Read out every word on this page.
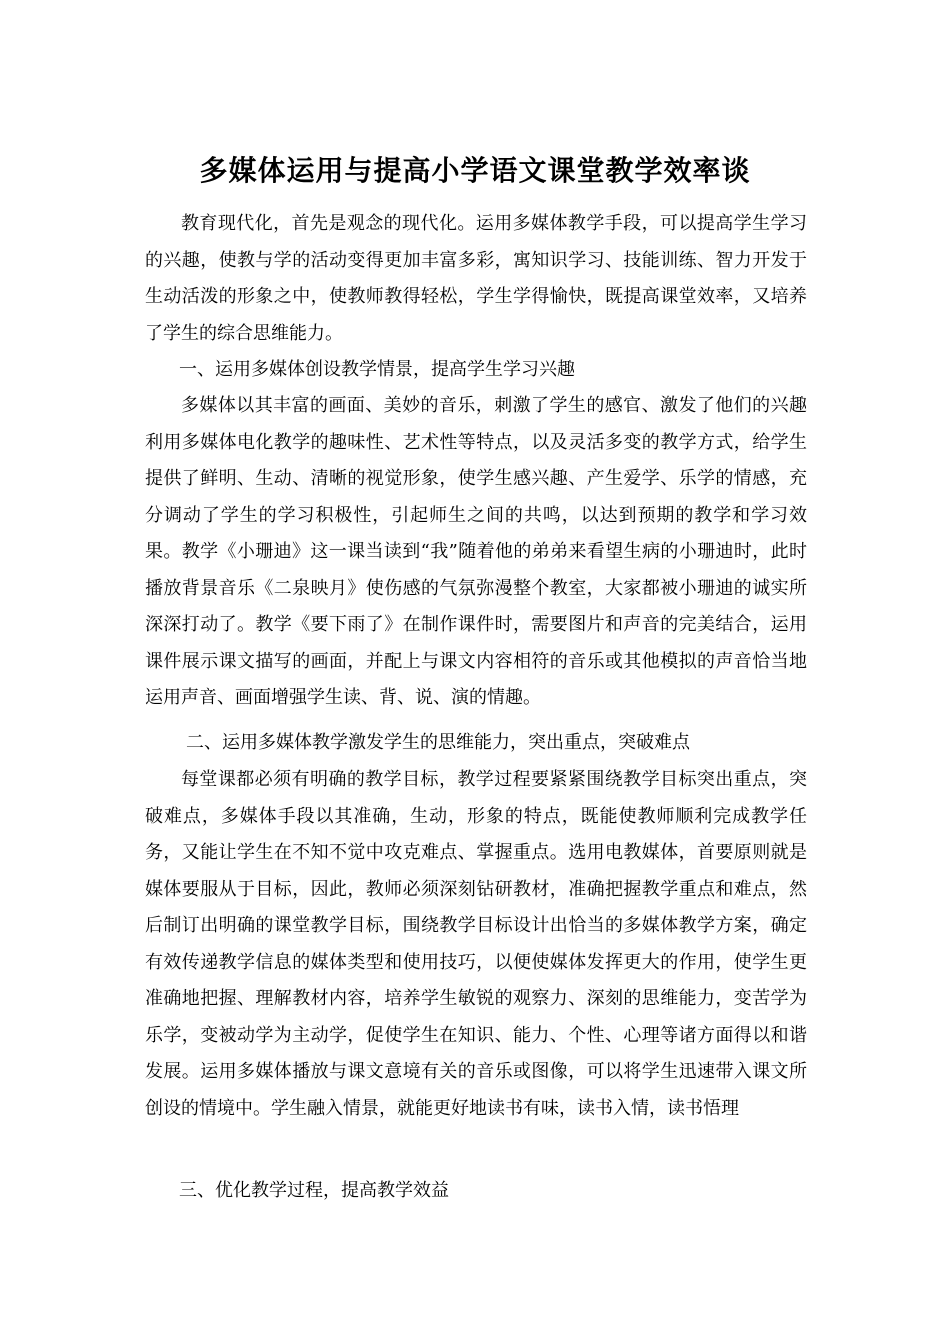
多媒体运用与提高小学语文课堂教学效率谈

教育现代化，首先是观念的现代化。运用多媒体教学手段，可以提高学生学习的兴趣，使教与学的活动变得更加丰富多彩，寓知识学习、技能训练、智力开发于生动活泼的形象之中，使教师教得轻松，学生学得愉快，既提高课堂效率，又培养了学生的综合思维能力。

一、运用多媒体创设教学情景，提高学生学习兴趣

多媒体以其丰富的画面、美妙的音乐，刺激了学生的感官、激发了他们的兴趣利用多媒体电化教学的趣味性、艺术性等特点，以及灵活多变的教学方式，给学生提供了鲜明、生动、清晰的视觉形象，使学生感兴趣、产生爱学、乐学的情感，充分调动了学生的学习积极性，引起师生之间的共鸣，以达到预期的教学和学习效果。教学《小珊迪》这一课当读到“我”随着他的弟弟来看望生病的小珊迪时，此时播放背景音乐《二泉映月》使伤感的气氛弥漫整个教室，大家都被小珊迪的诚实所深深打动了。教学《要下雨了》在制作课件时，需要图片和声音的完美结合，运用课件展示课文描写的画面，并配上与课文内容相符的音乐或其他模拟的声音恰当地运用声音、画面增强学生读、背、说、演的情趣。

二、运用多媒体教学激发学生的思维能力，突出重点，突破难点

每堂课都必须有明确的教学目标，教学过程要紧紧围绕教学目标突出重点，突破难点，多媒体手段以其准确，生动，形象的特点，既能使教师顺利完成教学任务，又能让学生在不知不觉中攻克难点、掌握重点。选用电教媒体，首要原则就是媒体要服从于目标，因此，教师必须深刻钻研教材，准确把握教学重点和难点，然后制订出明确的课堂教学目标，围绕教学目标设计出恰当的多媒体教学方案，确定有效传递教学信息的媒体类型和使用技巧，以便使媒体发挥更大的作用，使学生更准确地把握、理解教材内容，培养学生敏锐的观察力、深刻的思维能力，变苦学为乐学，变被动学为主动学，促使学生在知识、能力、个性、心理等诸方面得以和谐发展。运用多媒体播放与课文意境有关的音乐或图像，可以将学生迅速带入课文所创设的情境中。学生融入情景，就能更好地读书有味，读书入情，读书悟理

三、优化教学过程，提高教学效益
